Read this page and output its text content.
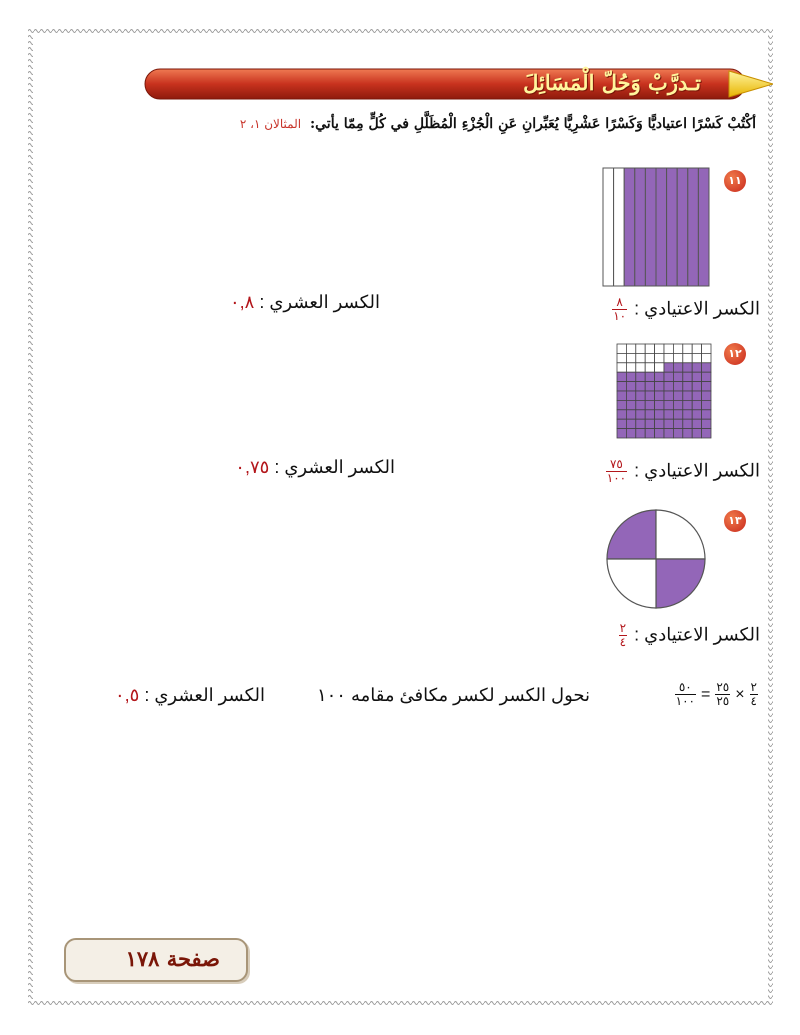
تـدرَّبْ وَحُلّ الْمَسَائِلَ
أكْتُبْ كَسْرًا اعتياديًّا وَكَسْرًا عَشْرِيًّا يُعَبِّرانِ عَنِ الْجُزْءِ الْمُظَلَّلِ في كُلٍّ مِمّا يأتي: المثالان ١، ٢
١١
الكسر الاعتيادي :
$\frac{٨}{١٠}$
الكسر العشري : ٠,٨
١٢
الكسر الاعتيادي :
$\frac{٧٥}{١٠٠}$
الكسر العشري : ٠,٧٥
١٣
الكسر الاعتيادي :
$\frac{٢}{٤}$
$\frac{٢}{٤}$
×
$\frac{٢٥}{٢٥}$
=
$\frac{٥٠}{١٠٠}$
نحول الكسر لكسر مكافئ مقامه ١٠٠
الكسر العشري : ٠,٥
صفحة ١٧٨
